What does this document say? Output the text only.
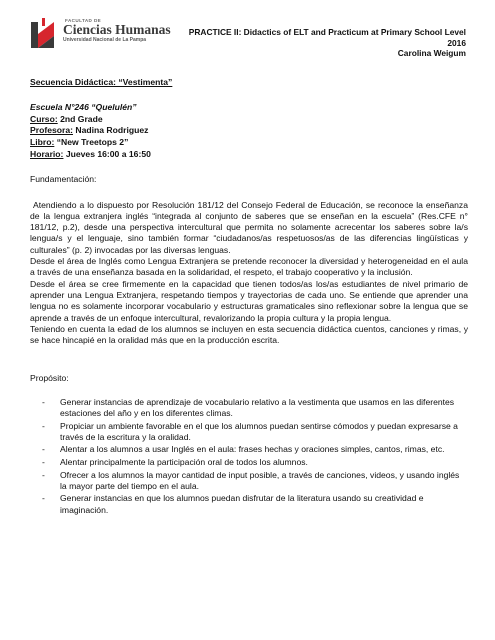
FACULTAD DE
Ciencias Humanas
Universidad Nacional de La Pampa
PRACTICE II: Didactics of ELT and Practicum at Primary School Level
2016
Carolina Weigum
Secuencia Didáctica: “Vestimenta”
Escuela N°246 “Quelulén”
Curso: 2nd Grade
Profesora: Nadina Rodriguez
Libro: “New Treetops 2”
Horario: Jueves 16:00 a 16:50
Fundamentación:

Atendiendo a lo dispuesto por Resolución 181/12 del Consejo Federal de Educación, se reconoce la enseñanza de la lengua extranjera inglés “integrada al conjunto de saberes que se enseñan en la escuela” (Res.CFE n° 181/12, p.2), desde una perspectiva intercultural que permita no solamente acrecentar los saberes sobre la/s lengua/s y el lenguaje, sino también formar “ciudadanos/as respetuosos/as de las diferencias lingüísticas y culturales” (p. 2) invocadas por las diversas lenguas.

Desde el área de Inglés como Lengua Extranjera se pretende reconocer la diversidad y heterogeneidad en el aula a través de una enseñanza basada en la solidaridad, el respeto, el trabajo cooperativo y la inclusión.

Desde el área se cree firmemente en la capacidad que tienen todos/as los/as estudiantes de nivel primario de aprender una Lengua Extranjera, respetando tiempos y trayectorias de cada uno. Se entiende que aprender una lengua no es solamente incorporar vocabulario y estructuras gramaticales sino reflexionar sobre la lengua que se aprende a través de un enfoque intercultural, revalorizando la propia cultura y la propia lengua.

Teniendo en cuenta la edad de los alumnos se incluyen en esta secuencia didáctica cuentos, canciones y rimas, y se hace hincapié en la oralidad más que en la producción escrita.

Propósito:
- Generar instancias de aprendizaje de vocabulario relativo a la vestimenta que usamos en las diferentes estaciones del año y en los diferentes climas.
- Propiciar un ambiente favorable en el que los alumnos puedan sentirse cómodos y puedan expresarse a través de la escritura y la oralidad.
- Alentar a los alumnos a usar Inglés en el aula: frases hechas y oraciones simples, cantos, rimas, etc.
- Alentar principalmente la participación oral de todos los alumnos.
- Ofrecer a los alumnos la mayor cantidad de input posible, a través de canciones, videos, y usando inglés la mayor parte del tiempo en el aula.
- Generar instancias en que los alumnos puedan disfrutar de la literatura usando su creatividad e imaginación.
